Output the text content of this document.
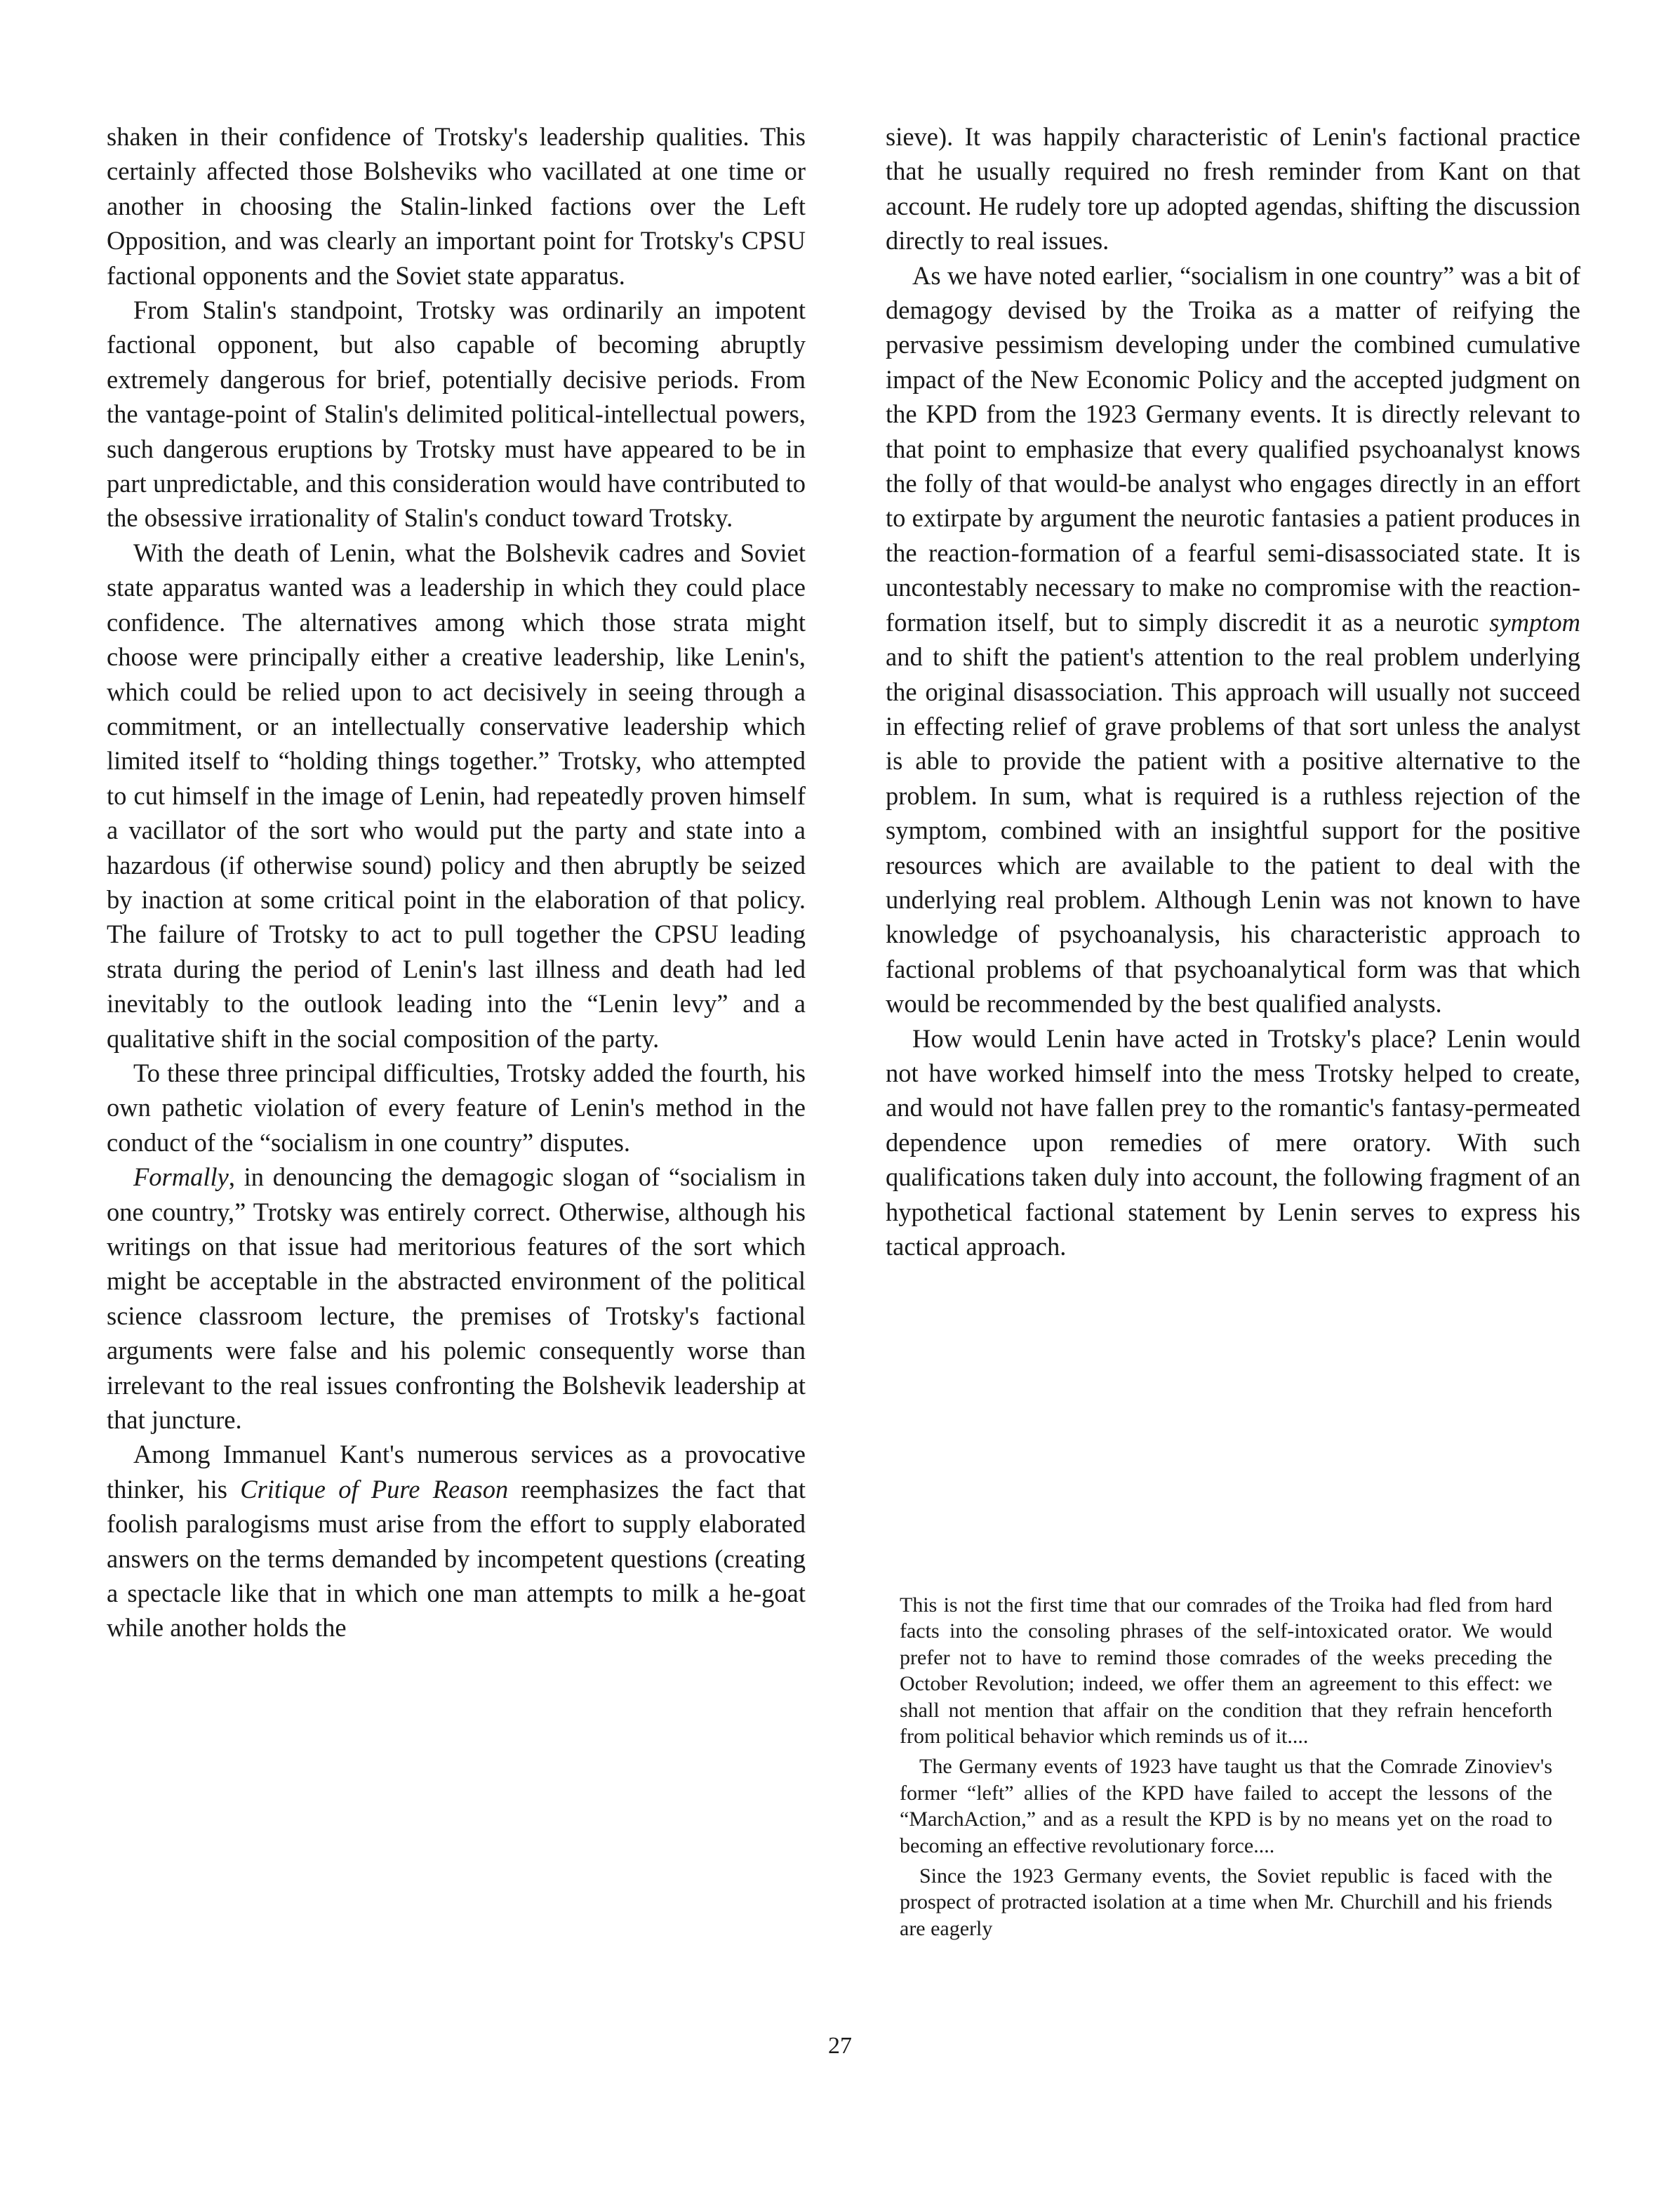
shaken in their confidence of Trotsky's leadership qualities. This certainly affected those Bolsheviks who vacillated at one time or another in choosing the Stalin-linked factions over the Left Opposition, and was clearly an important point for Trotsky's CPSU factional opponents and the Soviet state apparatus.

From Stalin's standpoint, Trotsky was ordinarily an impotent factional opponent, but also capable of becoming abruptly extremely dangerous for brief, potentially decisive periods. From the vantage-point of Stalin's delimited political-intellectual powers, such dangerous eruptions by Trotsky must have appeared to be in part unpredictable, and this consideration would have contributed to the obsessive irrationality of Stalin's conduct toward Trotsky.

With the death of Lenin, what the Bolshevik cadres and Soviet state apparatus wanted was a leadership in which they could place confidence. The alternatives among which those strata might choose were principally either a creative leadership, like Lenin's, which could be relied upon to act decisively in seeing through a commitment, or an intellectually conservative leadership which limited itself to “holding things together.” Trotsky, who attempted to cut himself in the image of Lenin, had repeatedly proven himself a vacillator of the sort who would put the party and state into a hazardous (if otherwise sound) policy and then abruptly be seized by inaction at some critical point in the elaboration of that policy. The failure of Trotsky to act to pull together the CPSU leading strata during the period of Lenin's last illness and death had led inevitably to the outlook leading into the “Lenin levy” and a qualitative shift in the social composition of the party.

To these three principal difficulties, Trotsky added the fourth, his own pathetic violation of every feature of Lenin's method in the conduct of the “socialism in one country” disputes.

Formally, in denouncing the demagogic slogan of “socialism in one country,” Trotsky was entirely correct. Otherwise, although his writings on that issue had meritorious features of the sort which might be acceptable in the abstracted environment of the political science classroom lecture, the premises of Trotsky's factional arguments were false and his polemic consequently worse than irrelevant to the real issues confronting the Bolshevik leadership at that juncture.

Among Immanuel Kant's numerous services as a provocative thinker, his Critique of Pure Reason reemphasizes the fact that foolish paralogisms must arise from the effort to supply elaborated answers on the terms demanded by incompetent questions (creating a spectacle like that in which one man attempts to milk a he-goat while another holds the

sieve). It was happily characteristic of Lenin's factional practice that he usually required no fresh reminder from Kant on that account. He rudely tore up adopted agendas, shifting the discussion directly to real issues.

As we have noted earlier, “socialism in one country” was a bit of demagogy devised by the Troika as a matter of reifying the pervasive pessimism developing under the combined cumulative impact of the New Economic Policy and the accepted judgment on the KPD from the 1923 Germany events. It is directly relevant to that point to emphasize that every qualified psychoanalyst knows the folly of that would-be analyst who engages directly in an effort to extirpate by argument the neurotic fantasies a patient produces in the reaction-formation of a fearful semi-disassociated state. It is uncontestably necessary to make no compromise with the reaction-formation itself, but to simply discredit it as a neurotic symptom and to shift the patient's attention to the real problem underlying the original disassociation. This approach will usually not succeed in effecting relief of grave problems of that sort unless the analyst is able to provide the patient with a positive alternative to the problem. In sum, what is required is a ruthless rejection of the symptom, combined with an insightful support for the positive resources which are available to the patient to deal with the underlying real problem. Although Lenin was not known to have knowledge of psychoanalysis, his characteristic approach to factional problems of that psychoanalytical form was that which would be recommended by the best qualified analysts.

How would Lenin have acted in Trotsky's place? Lenin would not have worked himself into the mess Trotsky helped to create, and would not have fallen prey to the romantic's fantasy-permeated dependence upon remedies of mere oratory. With such qualifications taken duly into account, the following fragment of an hypothetical factional statement by Lenin serves to express his tactical approach.

This is not the first time that our comrades of the Troika had fled from hard facts into the consoling phrases of the self-intoxicated orator. We would prefer not to have to remind those comrades of the weeks preceding the October Revolution; indeed, we offer them an agreement to this effect: we shall not mention that affair on the condition that they refrain henceforth from political behavior which reminds us of it....

The Germany events of 1923 have taught us that the Comrade Zinoviev's former “left” allies of the KPD have failed to accept the lessons of the “MarchAction,” and as a result the KPD is by no means yet on the road to becoming an effective revolutionary force....

Since the 1923 Germany events, the Soviet republic is faced with the prospect of protracted isolation at a time when Mr. Churchill and his friends are eagerly

27
